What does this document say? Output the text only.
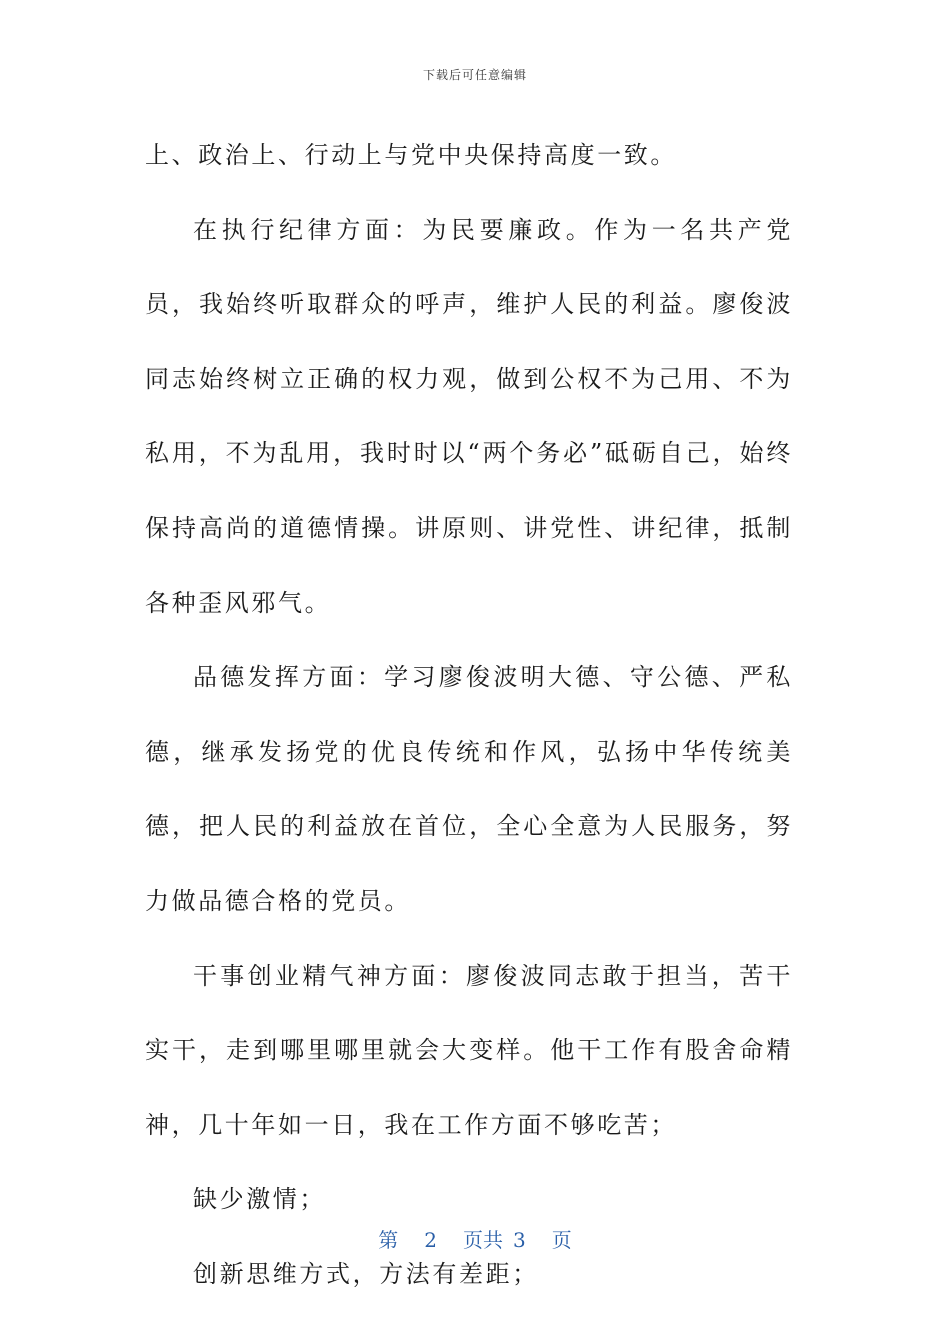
下载后可任意编辑

上、政治上、行动上与党中央保持高度一致。

在执行纪律方面：为民要廉政。作为一名共产党员，我始终听取群众的呼声，维护人民的利益。廖俊波同志始终树立正确的权力观，做到公权不为己用、不为私用，不为乱用，我时时以“两个务必”砥砺自己，始终保持高尚的道德情操。讲原则、讲党性、讲纪律，抵制各种歪风邪气。

品德发挥方面：学习廖俊波明大德、守公德、严私德，继承发扬党的优良传统和作风，弘扬中华传统美德，把人民的利益放在首位，全心全意为人民服务，努力做品德合格的党员。

干事创业精气神方面：廖俊波同志敢于担当，苦干实干，走到哪里哪里就会大变样。他干工作有股舍命精神，几十年如一日，我在工作方面不够吃苦；

缺少激情；

创新思维方式，方法有差距；

第 2 页共 3 页
